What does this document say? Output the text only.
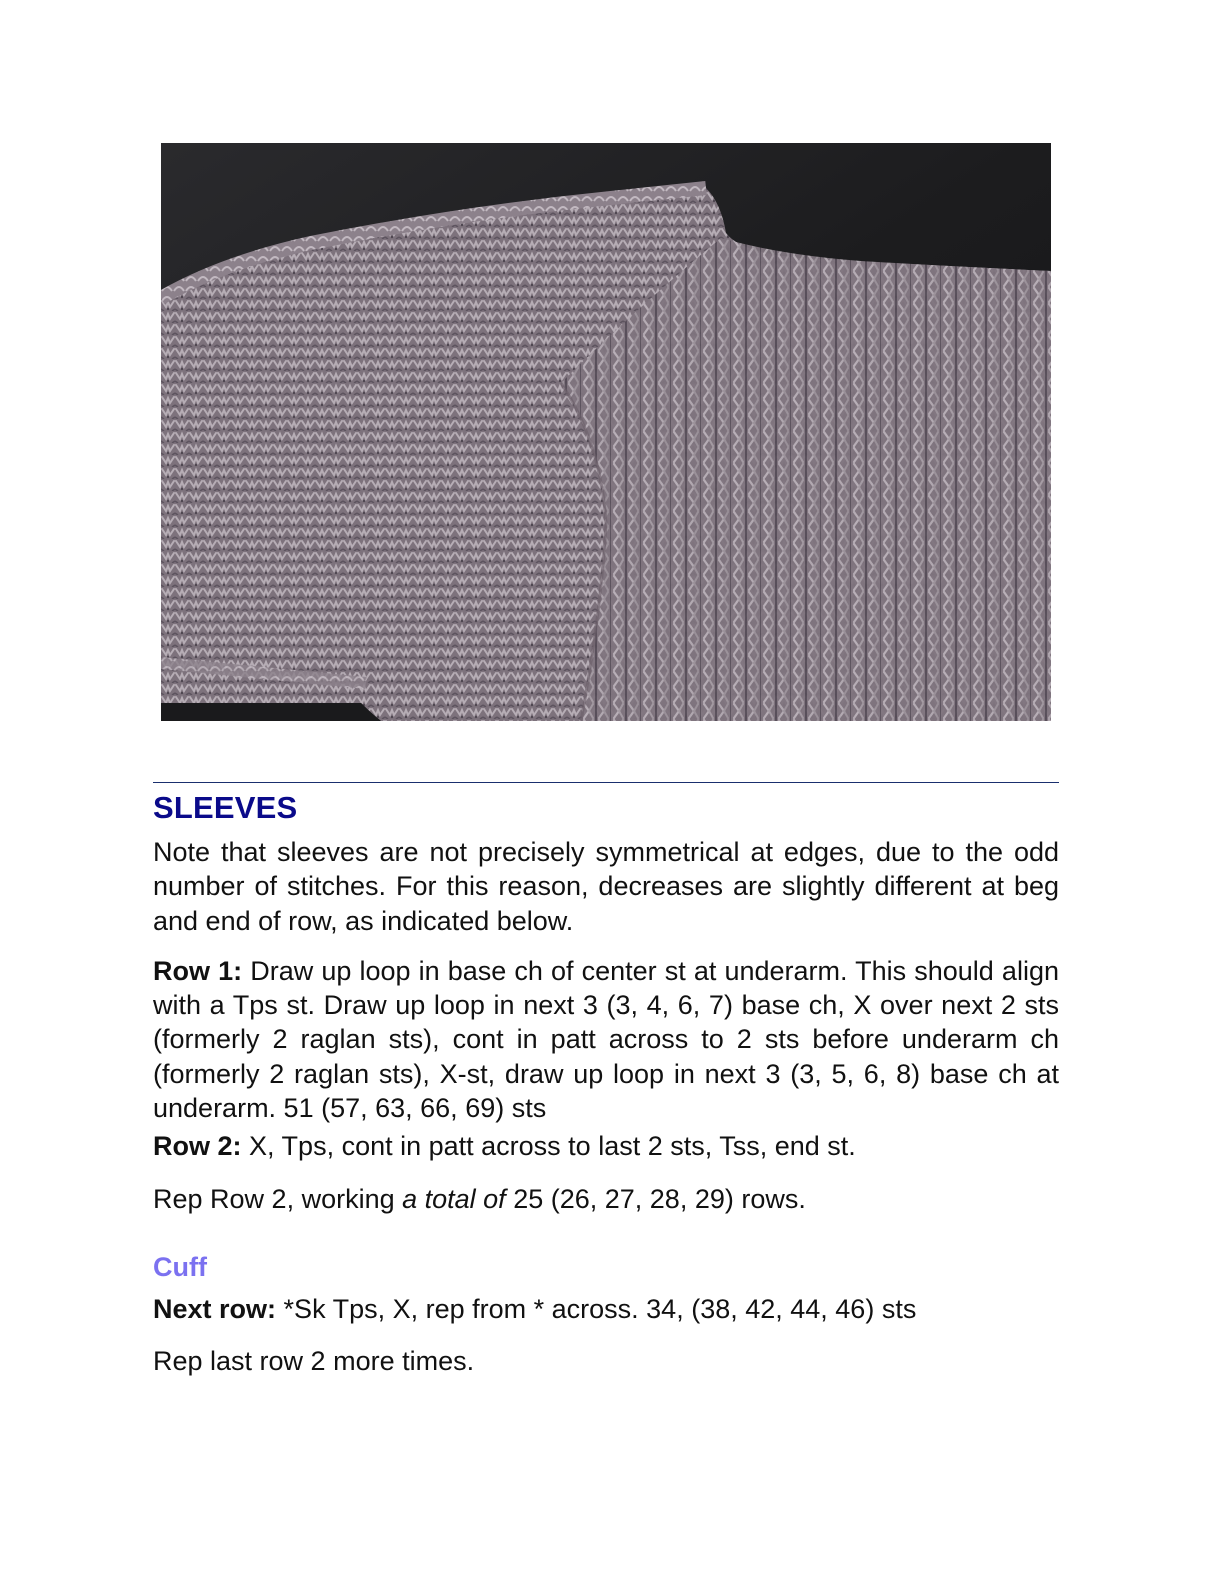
SLEEVES

Note that sleeves are not precisely symmetrical at edges, due to the odd number of stitches. For this reason, decreases are slightly different at beg and end of row, as indicated below.

Row 1: Draw up loop in base ch of center st at underarm. This should align with a Tps st. Draw up loop in next 3 (3, 4, 6, 7) base ch, X over next 2 sts (formerly 2 raglan sts), cont in patt across to 2 sts before underarm ch (formerly 2 raglan sts), X-st, draw up loop in next 3 (3, 5, 6, 8) base ch at underarm. 51 (57, 63, 66, 69) sts

Row 2: X, Tps, cont in patt across to last 2 sts, Tss, end st.

Rep Row 2, working a total of 25 (26, 27, 28, 29) rows.

Cuff

Next row: *Sk Tps, X, rep from * across. 34, (38, 42, 44, 46) sts

Rep last row 2 more times.
